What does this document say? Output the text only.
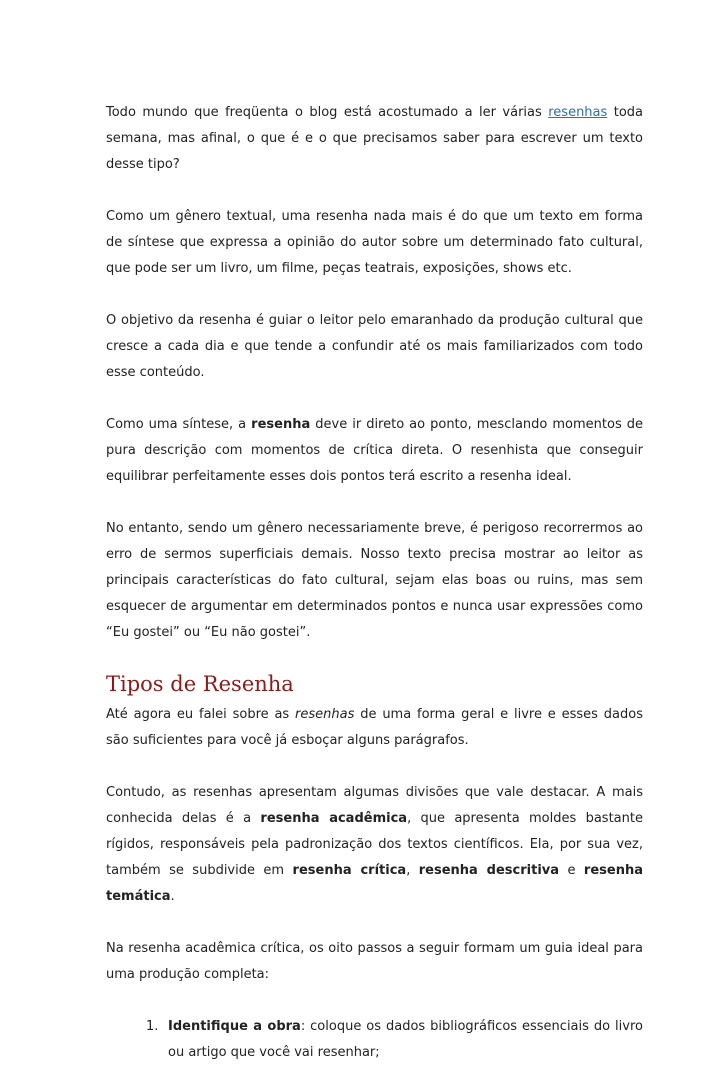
Todo mundo que freqüenta o blog está acostumado a ler várias resenhas toda semana, mas afinal, o que é e o que precisamos saber para escrever um texto desse tipo?

Como um gênero textual, uma resenha nada mais é do que um texto em forma de síntese que expressa a opinião do autor sobre um determinado fato cultural, que pode ser um livro, um filme, peças teatrais, exposições, shows etc.

O objetivo da resenha é guiar o leitor pelo emaranhado da produção cultural que cresce a cada dia e que tende a confundir até os mais familiarizados com todo esse conteúdo.

Como uma síntese, a resenha deve ir direto ao ponto, mesclando momentos de pura descrição com momentos de crítica direta. O resenhista que conseguir equilibrar perfeitamente esses dois pontos terá escrito a resenha ideal.

No entanto, sendo um gênero necessariamente breve, é perigoso recorrermos ao erro de sermos superficiais demais. Nosso texto precisa mostrar ao leitor as principais características do fato cultural, sejam elas boas ou ruins, mas sem esquecer de argumentar em determinados pontos e nunca usar expressões como “Eu gostei” ou “Eu não gostei”.

Tipos de Resenha

Até agora eu falei sobre as resenhas de uma forma geral e livre e esses dados são suficientes para você já esboçar alguns parágrafos.

Contudo, as resenhas apresentam algumas divisões que vale destacar. A mais conhecida delas é a resenha acadêmica, que apresenta moldes bastante rígidos, responsáveis pela padronização dos textos científicos. Ela, por sua vez, também se subdivide em resenha crítica, resenha descritiva e resenha temática.

Na resenha acadêmica crítica, os oito passos a seguir formam um guia ideal para uma produção completa:

1. Identifique a obra: coloque os dados bibliográficos essenciais do livro ou artigo que você vai resenhar;
